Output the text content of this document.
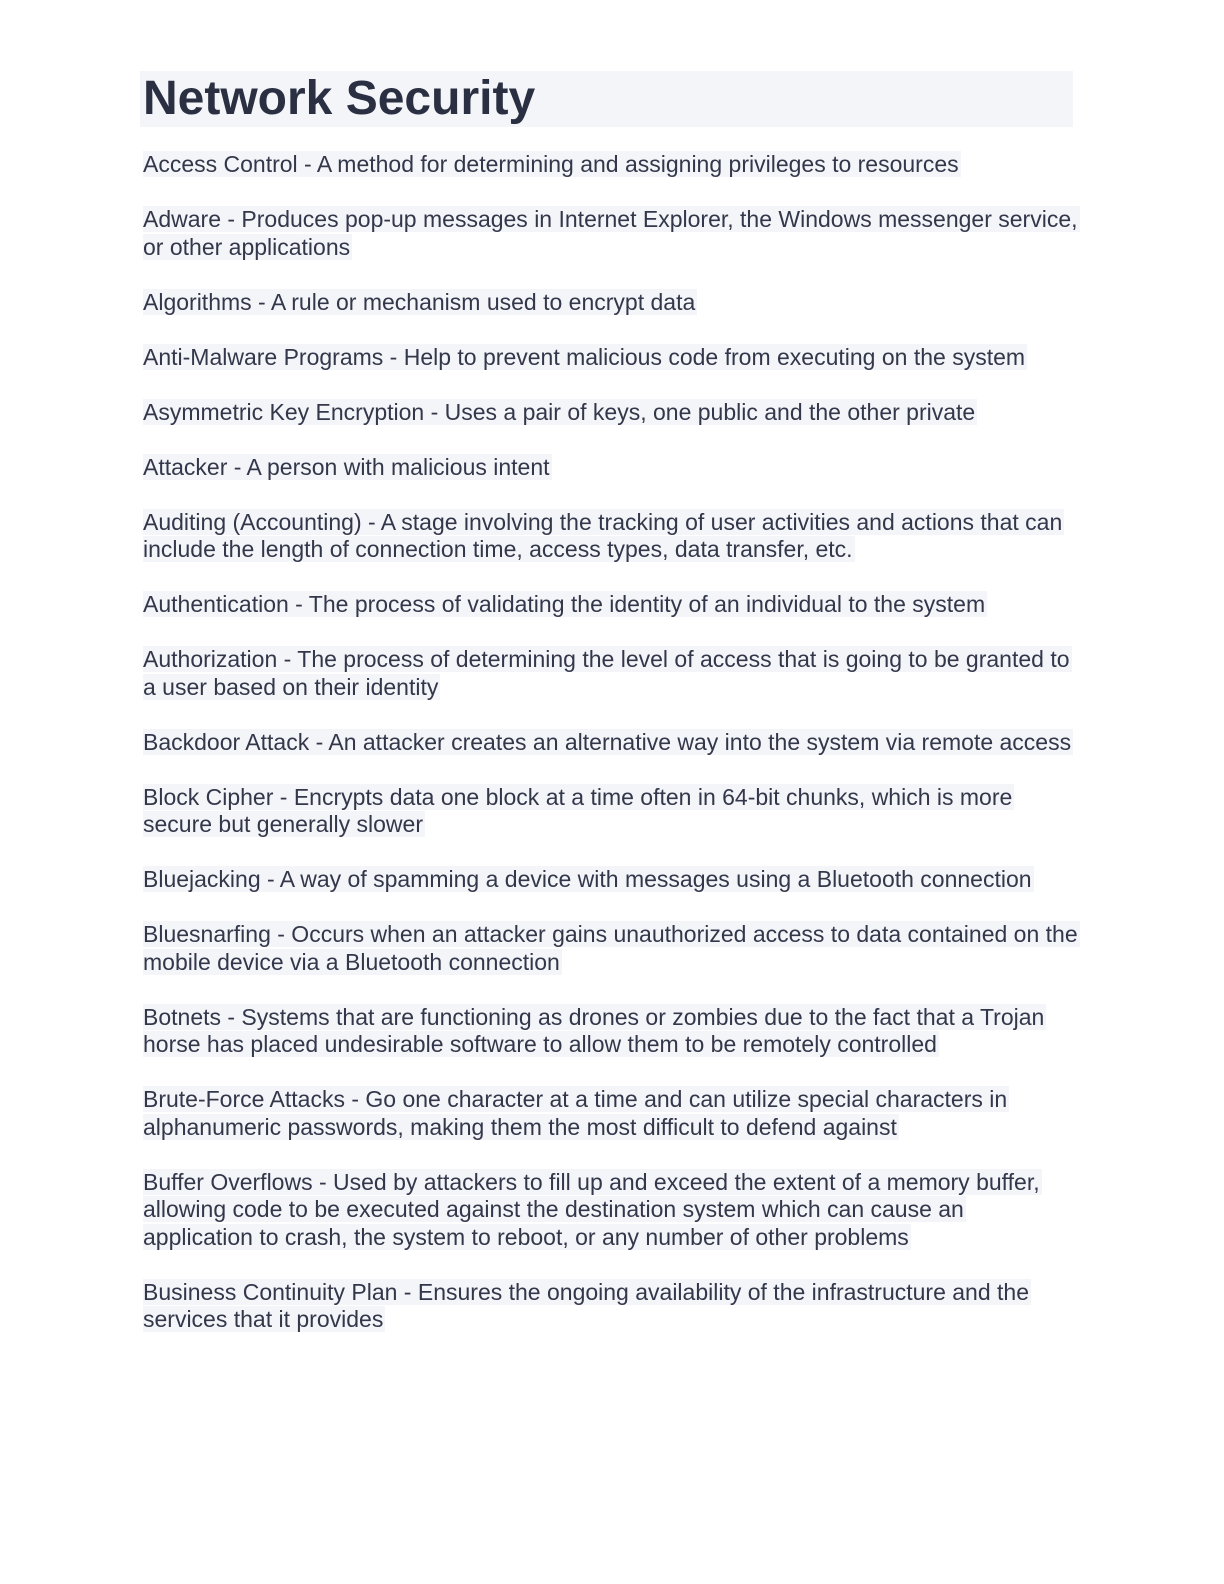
Network Security

Access Control - A method for determining and assigning privileges to resources

Adware - Produces pop-up messages in Internet Explorer, the Windows messenger service, or other applications

Algorithms - A rule or mechanism used to encrypt data

Anti-Malware Programs - Help to prevent malicious code from executing on the system

Asymmetric Key Encryption - Uses a pair of keys, one public and the other private

Attacker - A person with malicious intent

Auditing (Accounting) - A stage involving the tracking of user activities and actions that can include the length of connection time, access types, data transfer, etc.

Authentication - The process of validating the identity of an individual to the system

Authorization - The process of determining the level of access that is going to be granted to a user based on their identity

Backdoor Attack - An attacker creates an alternative way into the system via remote access

Block Cipher - Encrypts data one block at a time often in 64-bit chunks, which is more secure but generally slower

Bluejacking - A way of spamming a device with messages using a Bluetooth connection

Bluesnarfing - Occurs when an attacker gains unauthorized access to data contained on the mobile device via a Bluetooth connection

Botnets - Systems that are functioning as drones or zombies due to the fact that a Trojan horse has placed undesirable software to allow them to be remotely controlled

Brute-Force Attacks - Go one character at a time and can utilize special characters in alphanumeric passwords, making them the most difficult to defend against

Buffer Overflows - Used by attackers to fill up and exceed the extent of a memory buffer, allowing code to be executed against the destination system which can cause an application to crash, the system to reboot, or any number of other problems

Business Continuity Plan - Ensures the ongoing availability of the infrastructure and the services that it provides
